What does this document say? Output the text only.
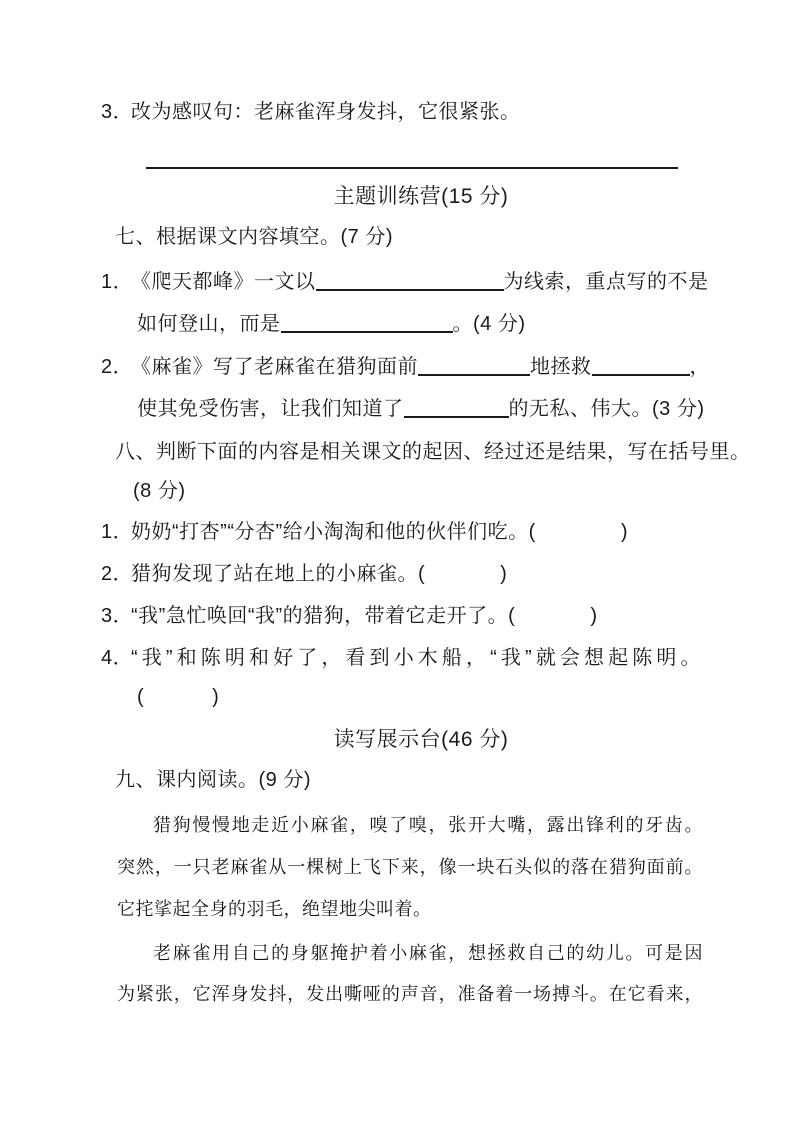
3．改为感叹句：老麻雀浑身发抖，它很紧张。
主题训练营(15 分)
七、根据课文内容填空。(7 分)
1．《爬天都峰》一文以	为线索，重点写的不是
如何登山，而是	。(4 分)
2．《麻雀》写了老麻雀在猎狗面前	地拯救	，
使其免受伤害，让我们知道了	的无私、伟大。(3 分)
八、判断下面的内容是相关课文的起因、经过还是结果，写在括号里。
(8 分)
1．奶奶“打杏”“分杏”给小淘淘和他的伙伴们吃。(	)
2．猎狗发现了站在地上的小麻雀。(	)
3．“我”急忙唤回“我”的猎狗，带着它走开了。(	)
4．“我”和陈明和好了，看到小木船，“我”就会想起陈明。
(	)
读写展示台(46 分)
九、课内阅读。(9 分)
猎狗慢慢地走近小麻雀，嗅了嗅，张开大嘴，露出锋利的牙齿。
突然，一只老麻雀从一棵树上飞下来，像一块石头似的落在猎狗面前。
它挓挲起全身的羽毛，绝望地尖叫着。
老麻雀用自己的身躯掩护着小麻雀，想拯救自己的幼儿。可是因
为紧张，它浑身发抖，发出嘶哑的声音，准备着一场搏斗。在它看来，
